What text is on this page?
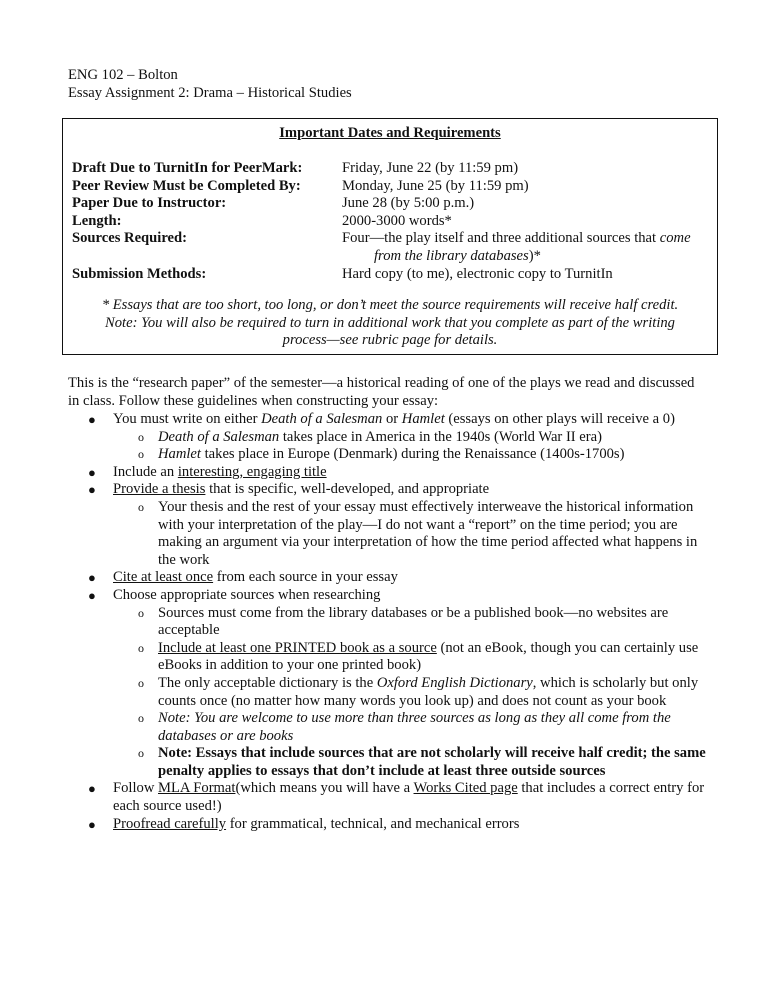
ENG 102 – Bolton
Essay Assignment 2: Drama – Historical Studies
Important Dates and Requirements
Draft Due to TurnitIn for PeerMark:	Friday, June 22 (by 11:59 pm)
Peer Review Must be Completed By:	Monday, June 25 (by 11:59 pm)
Paper Due to Instructor:	June 28 (by 5:00 p.m.)
Length:	2000-3000 words*
Sources Required:	Four—the play itself and three additional sources that come
from the library databases)*
Submission Methods:	Hard copy (to me), electronic copy to TurnitIn
* Essays that are too short, too long, or don’t meet the source requirements will receive half credit.
Note: You will also be required to turn in additional work that you complete as part of the writing
process—see rubric page for details.
This is the “research paper” of the semester—a historical reading of one of the plays we read and discussed in class. Follow these guidelines when constructing your essay:
● You must write on either Death of a Salesman or Hamlet (essays on other plays will receive a 0)
o Death of a Salesman takes place in America in the 1940s (World War II era)
o Hamlet takes place in Europe (Denmark) during the Renaissance (1400s-1700s)
● Include an interesting, engaging title
● Provide a thesis that is specific, well-developed, and appropriate
o Your thesis and the rest of your essay must effectively interweave the historical information with your interpretation of the play—I do not want a “report” on the time period; you are making an argument via your interpretation of how the time period affected what happens in the work
● Cite at least once from each source in your essay
● Choose appropriate sources when researching
o Sources must come from the library databases or be a published book—no websites are acceptable
o Include at least one PRINTED book as a source (not an eBook, though you can certainly use eBooks in addition to your one printed book)
o The only acceptable dictionary is the Oxford English Dictionary, which is scholarly but only counts once (no matter how many words you look up) and does not count as your book
o Note: You are welcome to use more than three sources as long as they all come from the databases or are books
o Note: Essays that include sources that are not scholarly will receive half credit; the same penalty applies to essays that don’t include at least three outside sources
● Follow MLA Format(which means you will have a Works Cited page that includes a correct entry for each source used!)
● Proofread carefully for grammatical, technical, and mechanical errors
